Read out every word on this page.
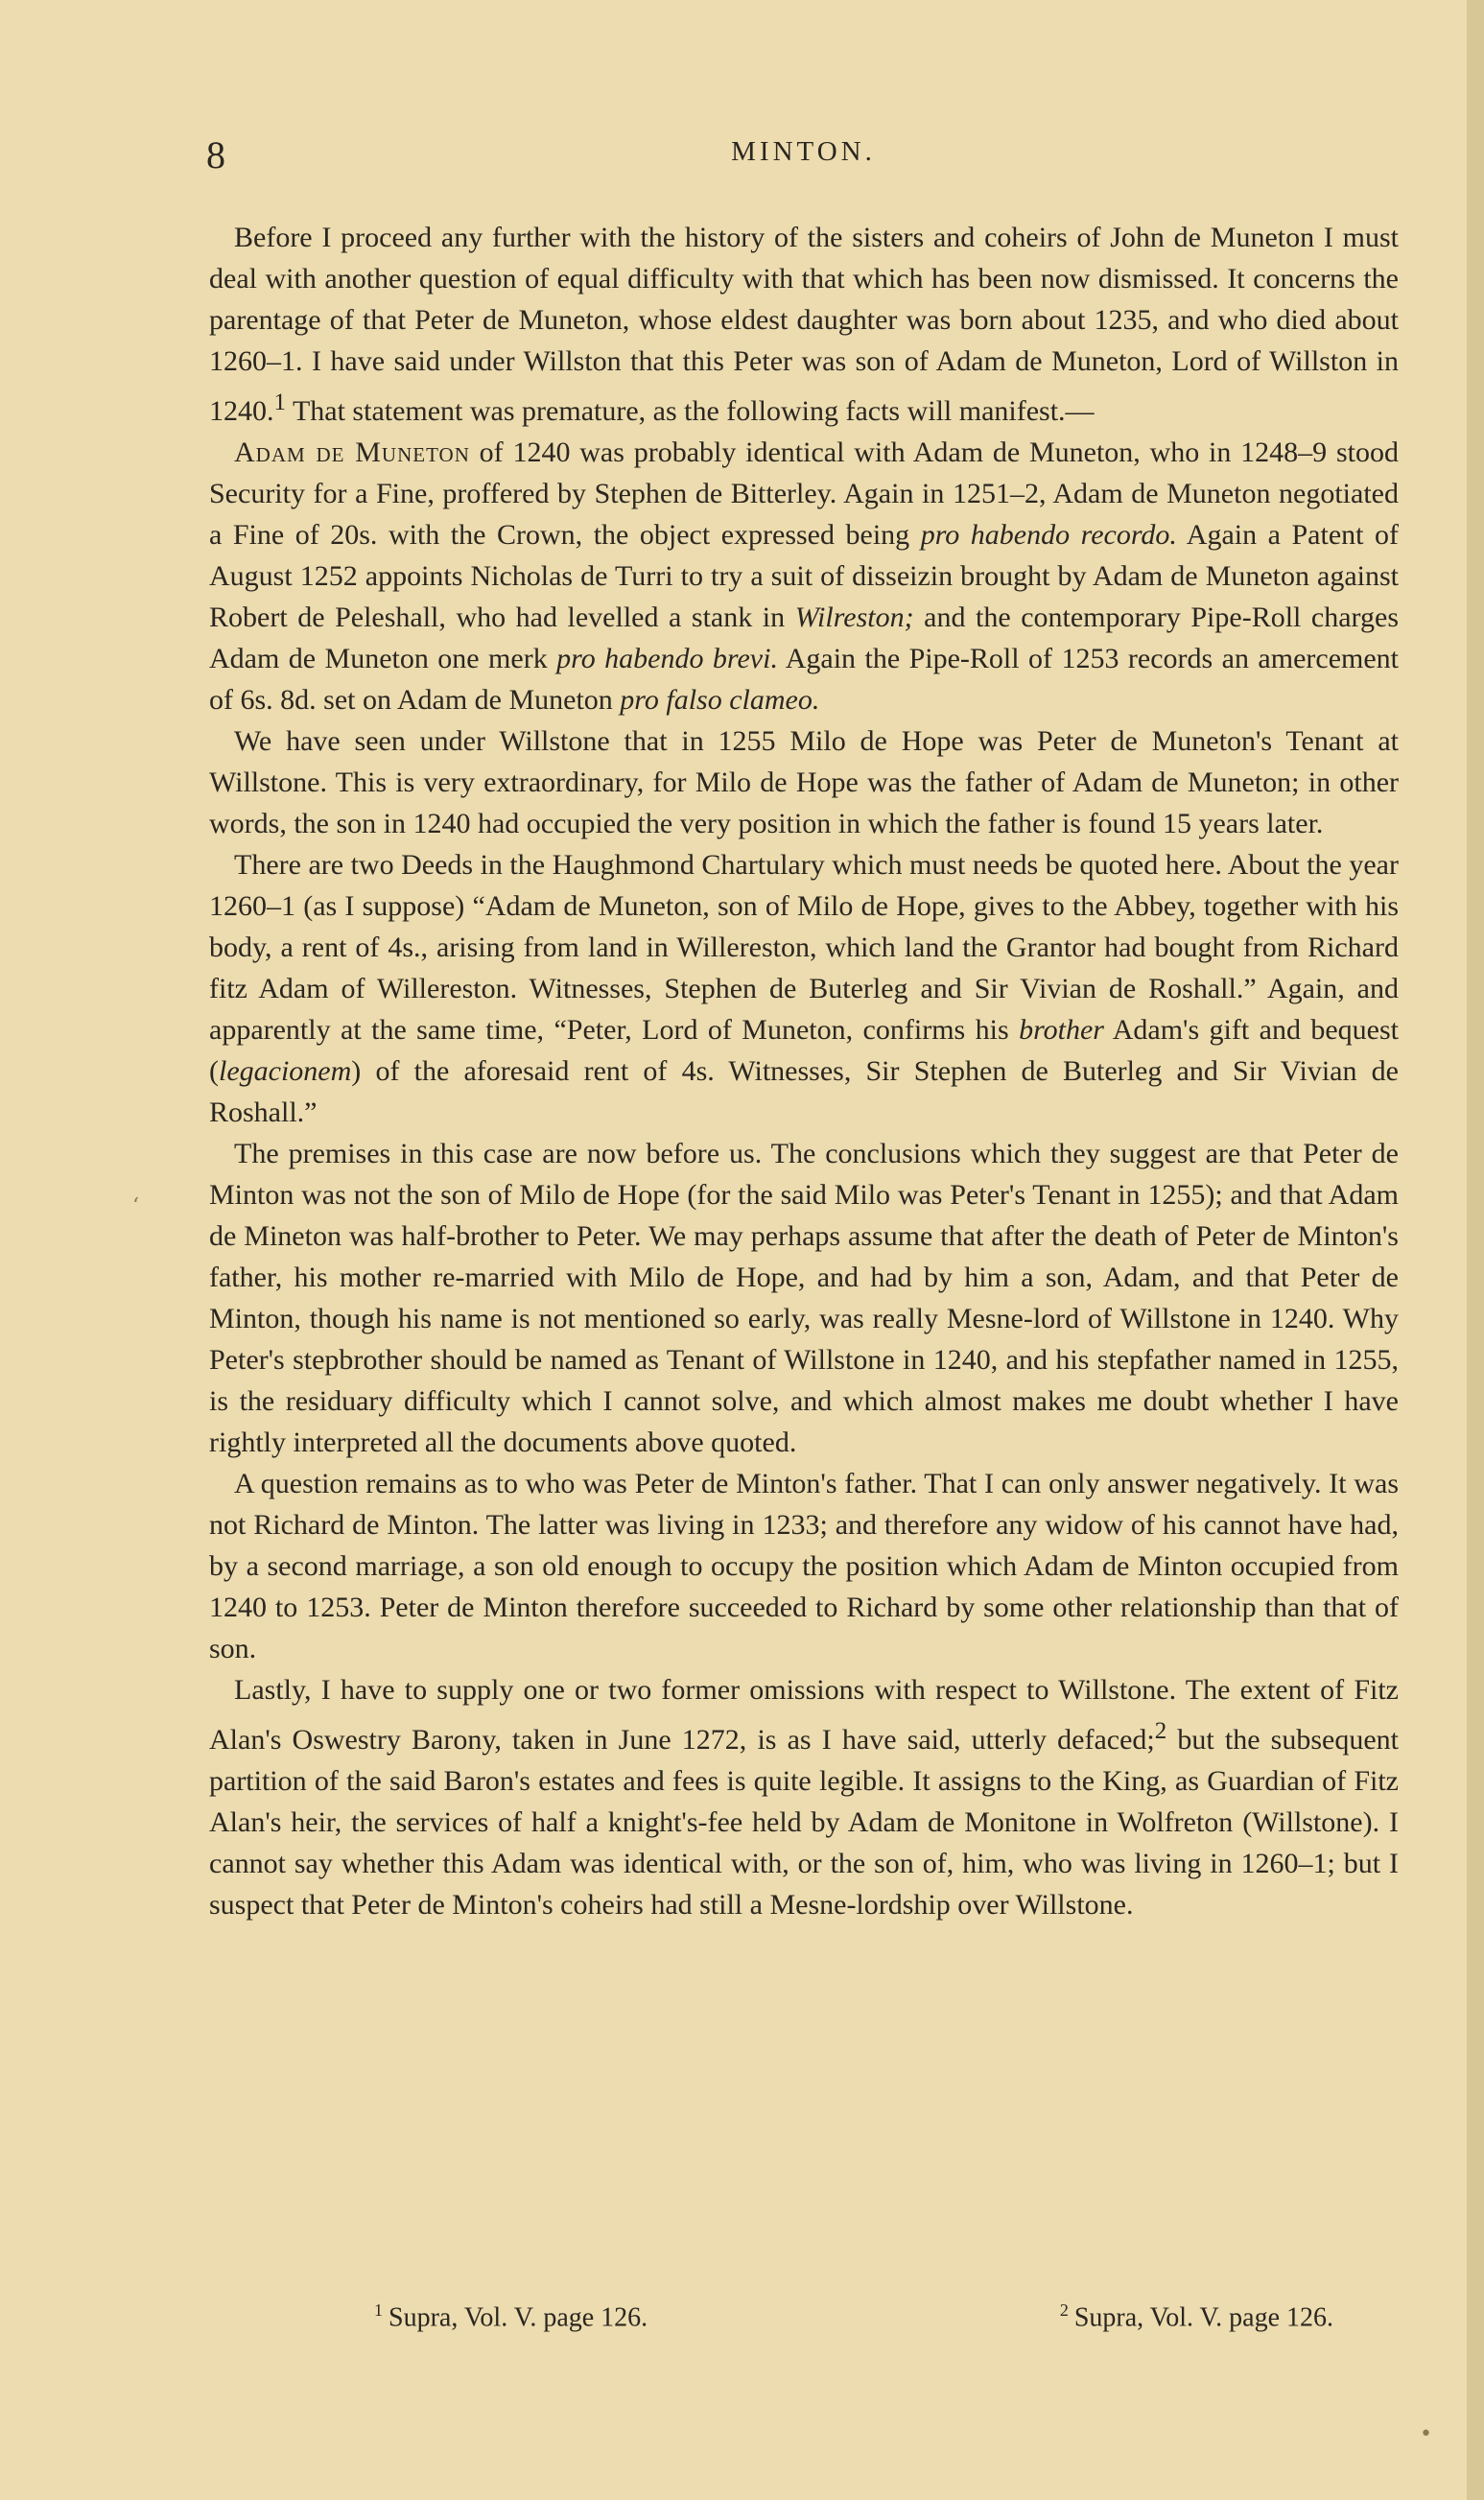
8	MINTON.

Before I proceed any further with the history of the sisters and coheirs of John de Muneton I must deal with another question of equal difficulty with that which has been now dismissed. It concerns the parentage of that Peter de Muneton, whose eldest daughter was born about 1235, and who died about 1260–1. I have said under Willston that this Peter was son of Adam de Muneton, Lord of Willston in 1240.$^1$ That statement was premature, as the following facts will manifest.—

Adam de Muneton of 1240 was probably identical with Adam de Muneton, who in 1248–9 stood Security for a Fine, proffered by Stephen de Bitterley. Again in 1251–2, Adam de Muneton negotiated a Fine of 20s. with the Crown, the object expressed being pro habendo recordo. Again a Patent of August 1252 appoints Nicholas de Turri to try a suit of disseizin brought by Adam de Muneton against Robert de Peleshall, who had levelled a stank in Wilreston; and the contemporary Pipe-Roll charges Adam de Muneton one merk pro habendo brevi. Again the Pipe-Roll of 1253 records an amercement of 6s. 8d. set on Adam de Muneton pro falso clameo.

We have seen under Willstone that in 1255 Milo de Hope was Peter de Muneton's Tenant at Willstone. This is very extraordinary, for Milo de Hope was the father of Adam de Muneton; in other words, the son in 1240 had occupied the very position in which the father is found 15 years later.

There are two Deeds in the Haughmond Chartulary which must needs be quoted here. About the year 1260–1 (as I suppose) “Adam de Muneton, son of Milo de Hope, gives to the Abbey, together with his body, a rent of 4s., arising from land in Willereston, which land the Grantor had bought from Richard fitz Adam of Willereston. Witnesses, Stephen de Buterleg and Sir Vivian de Roshall.” Again, and apparently at the same time, “Peter, Lord of Muneton, confirms his brother Adam's gift and bequest (legacionem) of the aforesaid rent of 4s. Witnesses, Sir Stephen de Buterleg and Sir Vivian de Roshall.”

The premises in this case are now before us. The conclusions which they suggest are that Peter de Minton was not the son of Milo de Hope (for the said Milo was Peter's Tenant in 1255); and that Adam de Mineton was half-brother to Peter. We may perhaps assume that after the death of Peter de Minton's father, his mother re-married with Milo de Hope, and had by him a son, Adam, and that Peter de Minton, though his name is not mentioned so early, was really Mesne-lord of Willstone in 1240. Why Peter's stepbrother should be named as Tenant of Willstone in 1240, and his stepfather named in 1255, is the residuary difficulty which I cannot solve, and which almost makes me doubt whether I have rightly interpreted all the documents above quoted.

A question remains as to who was Peter de Minton's father. That I can only answer negatively. It was not Richard de Minton. The latter was living in 1233; and therefore any widow of his cannot have had, by a second marriage, a son old enough to occupy the position which Adam de Minton occupied from 1240 to 1253. Peter de Minton therefore succeeded to Richard by some other relationship than that of son.

Lastly, I have to supply one or two former omissions with respect to Willstone. The extent of Fitz Alan's Oswestry Barony, taken in June 1272, is as I have said, utterly defaced;$^2$ but the subsequent partition of the said Baron's estates and fees is quite legible. It assigns to the King, as Guardian of Fitz Alan's heir, the services of half a knight's-fee held by Adam de Monitone in Wolfreton (Willstone). I cannot say whether this Adam was identical with, or the son of, him, who was living in 1260–1; but I suspect that Peter de Minton's coheirs had still a Mesne-lordship over Willstone.

$^1$ Supra, Vol. V. page 126.	$^2$ Supra, Vol. V. page 126.
‘
•
